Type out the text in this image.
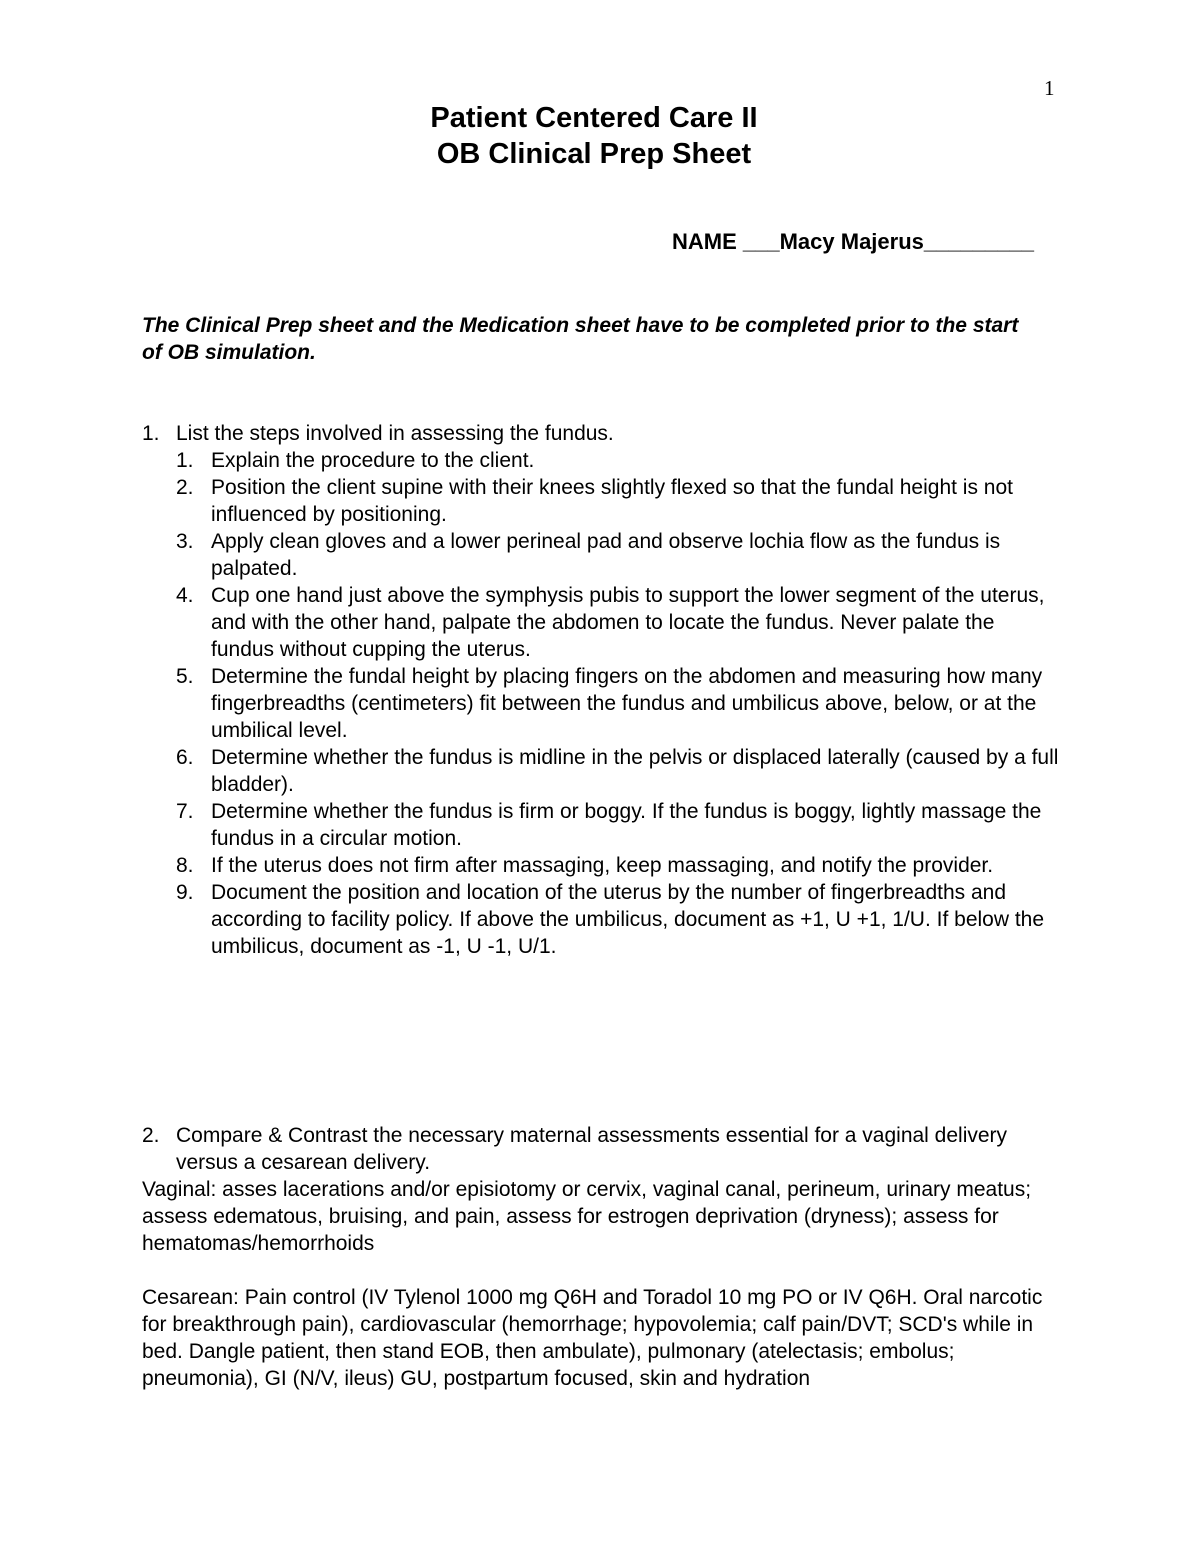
1
Patient Centered Care II
OB Clinical Prep Sheet
NAME ___Macy Majerus_________
The Clinical Prep sheet and the Medication sheet have to be completed prior to the start of OB simulation.
1. List the steps involved in assessing the fundus.
1. Explain the procedure to the client.
2. Position the client supine with their knees slightly flexed so that the fundal height is not influenced by positioning.
3. Apply clean gloves and a lower perineal pad and observe lochia flow as the fundus is palpated.
4. Cup one hand just above the symphysis pubis to support the lower segment of the uterus, and with the other hand, palpate the abdomen to locate the fundus. Never palate the fundus without cupping the uterus.
5. Determine the fundal height by placing fingers on the abdomen and measuring how many fingerbreadths (centimeters) fit between the fundus and umbilicus above, below, or at the umbilical level.
6. Determine whether the fundus is midline in the pelvis or displaced laterally (caused by a full bladder).
7. Determine whether the fundus is firm or boggy. If the fundus is boggy, lightly massage the fundus in a circular motion.
8. If the uterus does not firm after massaging, keep massaging, and notify the provider.
9. Document the position and location of the uterus by the number of fingerbreadths and according to facility policy. If above the umbilicus, document as +1, U +1, 1/U. If below the umbilicus, document as -1, U -1, U/1.
2. Compare & Contrast the necessary maternal assessments essential for a vaginal delivery versus a cesarean delivery.
Vaginal: asses lacerations and/or episiotomy or cervix, vaginal canal, perineum, urinary meatus; assess edematous, bruising, and pain, assess for estrogen deprivation (dryness); assess for hematomas/hemorrhoids
Cesarean: Pain control (IV Tylenol 1000 mg Q6H and Toradol 10 mg PO or IV Q6H. Oral narcotic for breakthrough pain), cardiovascular (hemorrhage; hypovolemia; calf pain/DVT; SCD's while in bed. Dangle patient, then stand EOB, then ambulate), pulmonary (atelectasis; embolus; pneumonia), GI (N/V, ileus) GU, postpartum focused, skin and hydration
